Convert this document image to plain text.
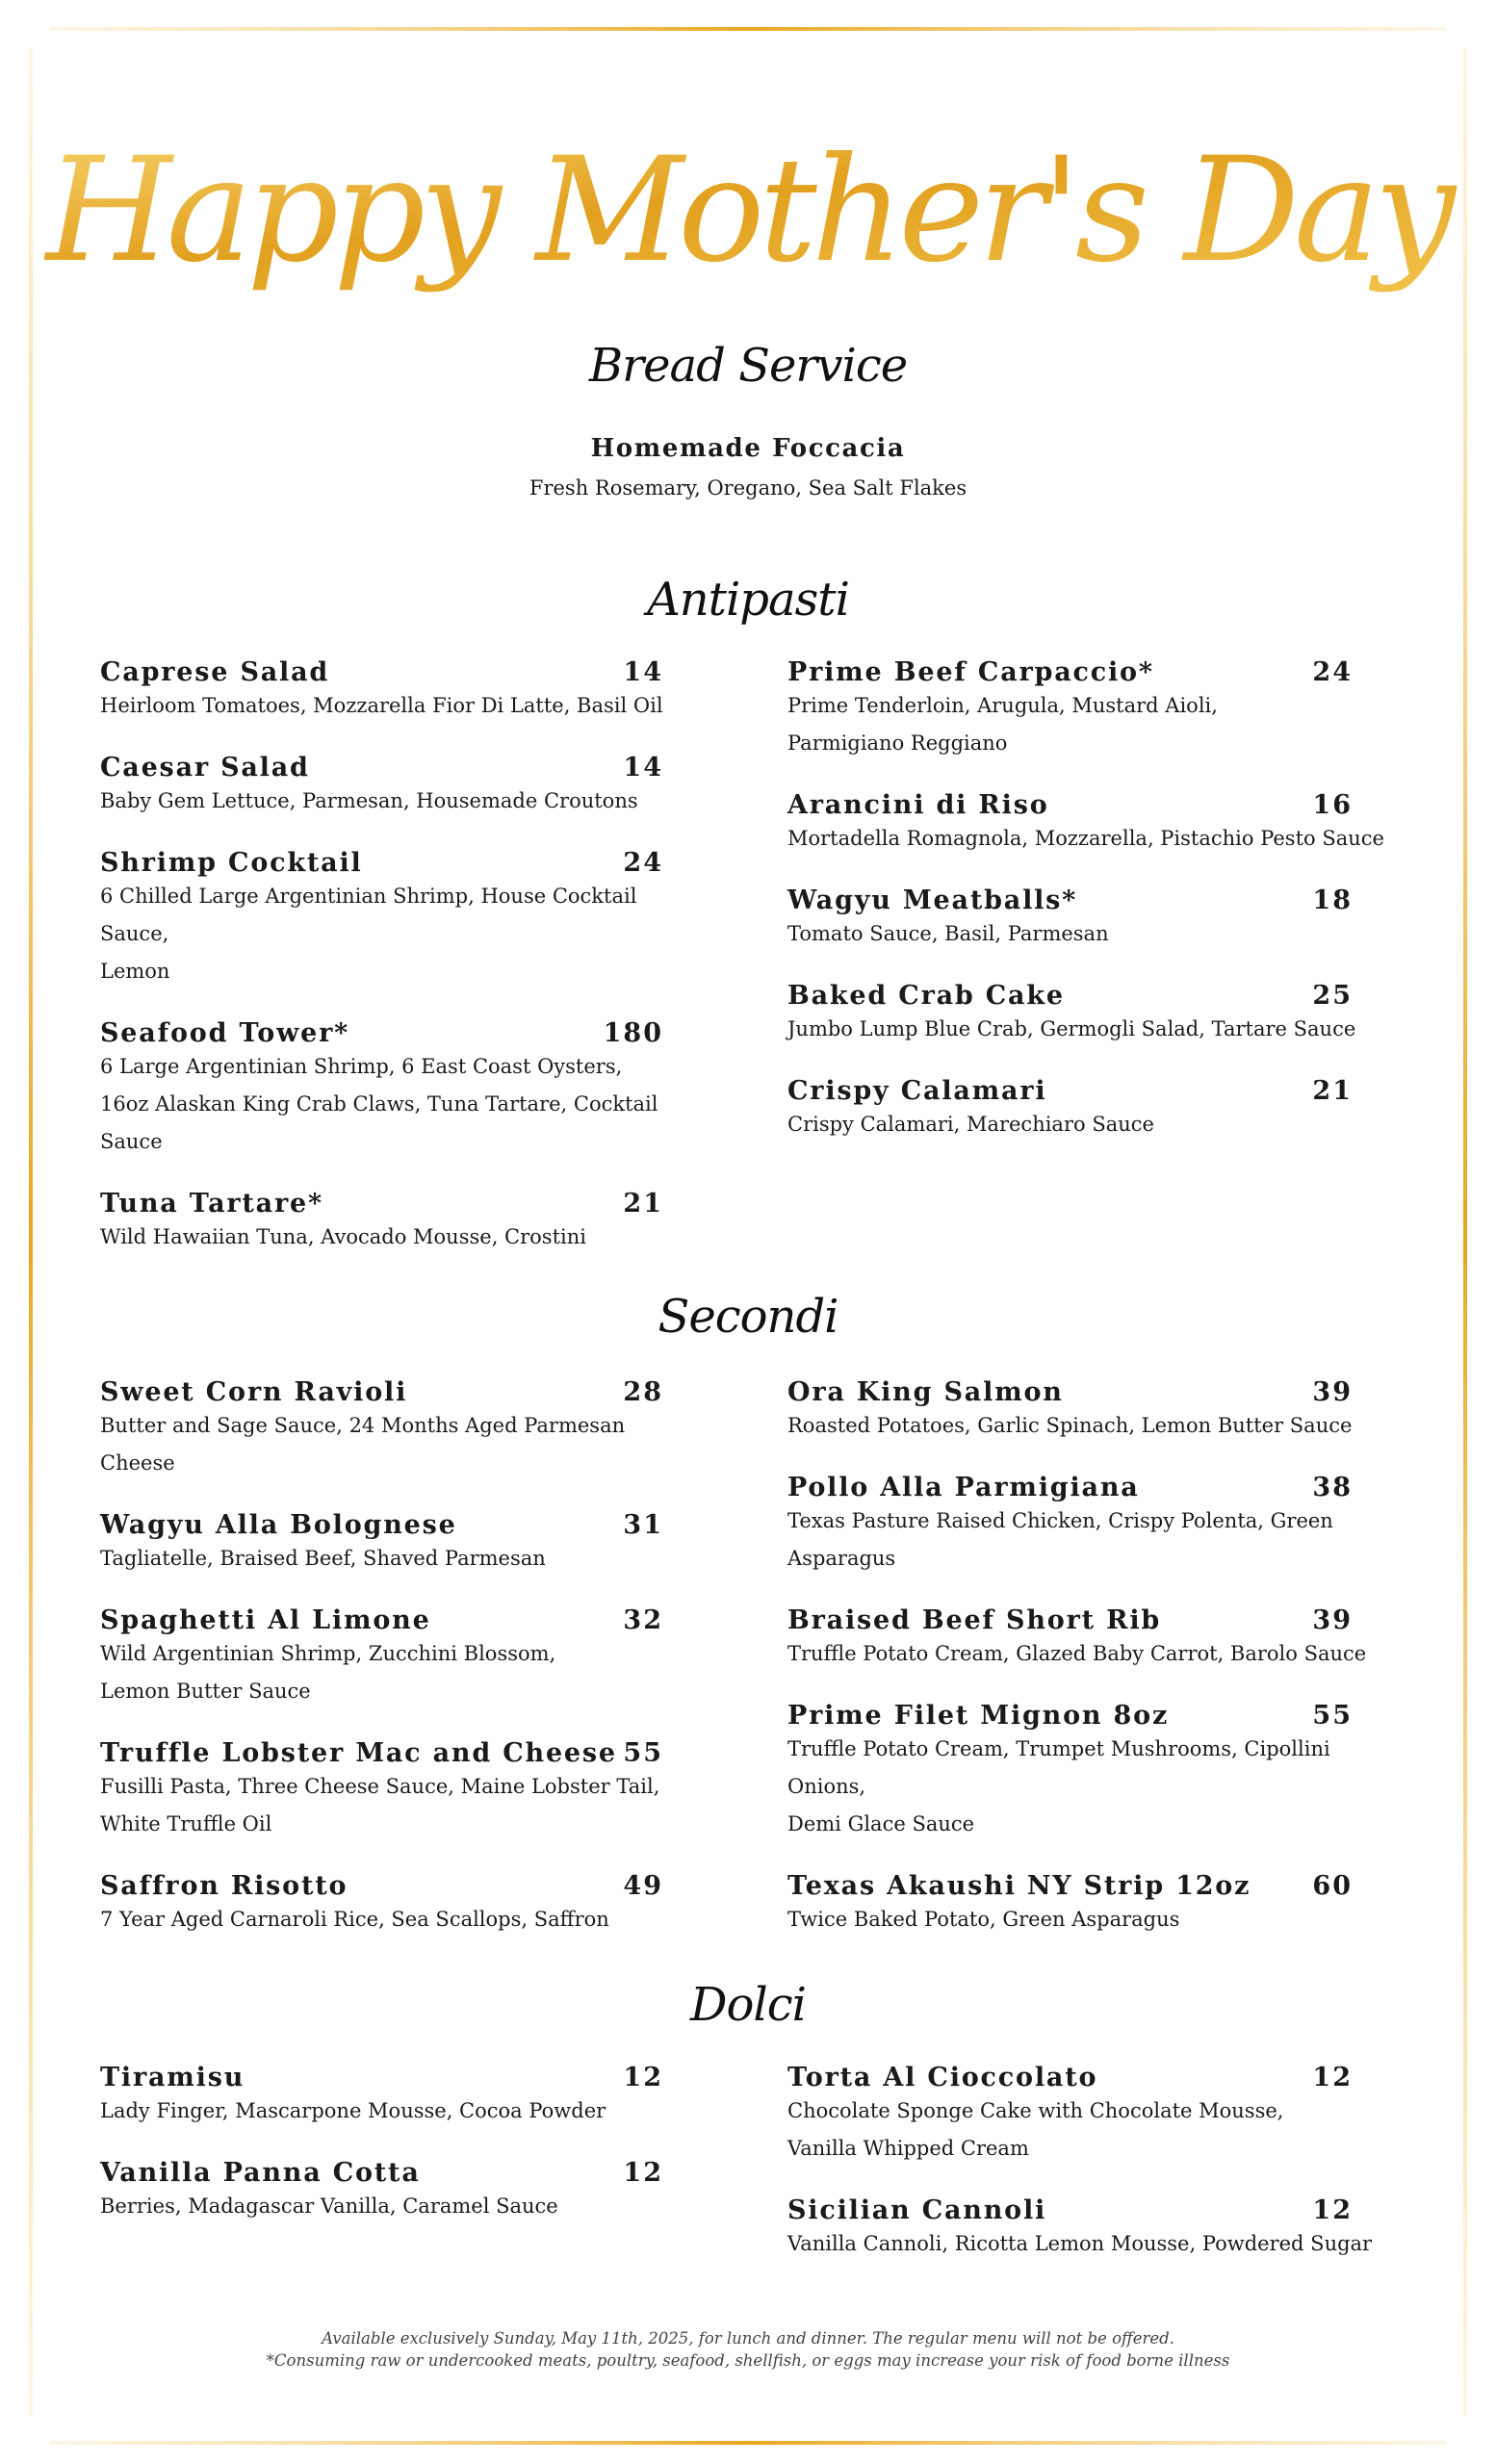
Happy Mother's Day
Bread Service
Homemade Foccacia
Fresh Rosemary, Oregano, Sea Salt Flakes
Antipasti
Caprese Salad	14
Heirloom Tomatoes, Mozzarella Fior Di Latte, Basil Oil
Caesar Salad	14
Baby Gem Lettuce, Parmesan, Housemade Croutons
Shrimp Cocktail	24
6 Chilled Large Argentinian Shrimp, House Cocktail Sauce,
Lemon
Seafood Tower*	180
6 Large Argentinian Shrimp, 6 East Coast Oysters,
16oz Alaskan King Crab Claws, Tuna Tartare, Cocktail Sauce
Tuna Tartare*	21
Wild Hawaiian Tuna, Avocado Mousse, Crostini
Prime Beef Carpaccio*	24
Prime Tenderloin, Arugula, Mustard Aioli,
Parmigiano Reggiano
Arancini di Riso	16
Mortadella Romagnola, Mozzarella, Pistachio Pesto Sauce
Wagyu Meatballs*	18
Tomato Sauce, Basil, Parmesan
Baked Crab Cake	25
Jumbo Lump Blue Crab, Germogli Salad, Tartare Sauce
Crispy Calamari	21
Crispy Calamari, Marechiaro Sauce
Secondi
Sweet Corn Ravioli	28
Butter and Sage Sauce, 24 Months Aged Parmesan Cheese
Wagyu Alla Bolognese	31
Tagliatelle, Braised Beef, Shaved Parmesan
Spaghetti Al Limone	32
Wild Argentinian Shrimp, Zucchini Blossom,
Lemon Butter Sauce
Truffle Lobster Mac and Cheese 55
Fusilli Pasta, Three Cheese Sauce, Maine Lobster Tail,
White Truffle Oil
Saffron Risotto	49
7 Year Aged Carnaroli Rice, Sea Scallops, Saffron
Ora King Salmon	39
Roasted Potatoes, Garlic Spinach, Lemon Butter Sauce
Pollo Alla Parmigiana	38
Texas Pasture Raised Chicken, Crispy Polenta, Green Asparagus
Braised Beef Short Rib	39
Truffle Potato Cream, Glazed Baby Carrot, Barolo Sauce
Prime Filet Mignon 8oz	55
Truffle Potato Cream, Trumpet Mushrooms, Cipollini Onions,
Demi Glace Sauce
Texas Akaushi NY Strip 12oz 60
Twice Baked Potato, Green Asparagus
Dolci
Tiramisu	12
Lady Finger, Mascarpone Mousse, Cocoa Powder
Vanilla Panna Cotta	12
Berries, Madagascar Vanilla, Caramel Sauce
Torta Al Cioccolato	12
Chocolate Sponge Cake with Chocolate Mousse,
Vanilla Whipped Cream
Sicilian Cannoli	12
Vanilla Cannoli, Ricotta Lemon Mousse, Powdered Sugar
Available exclusively Sunday, May 11th, 2025, for lunch and dinner. The regular menu will not be offered.
*Consuming raw or undercooked meats, poultry, seafood, shellfish, or eggs may increase your risk of food borne illness
